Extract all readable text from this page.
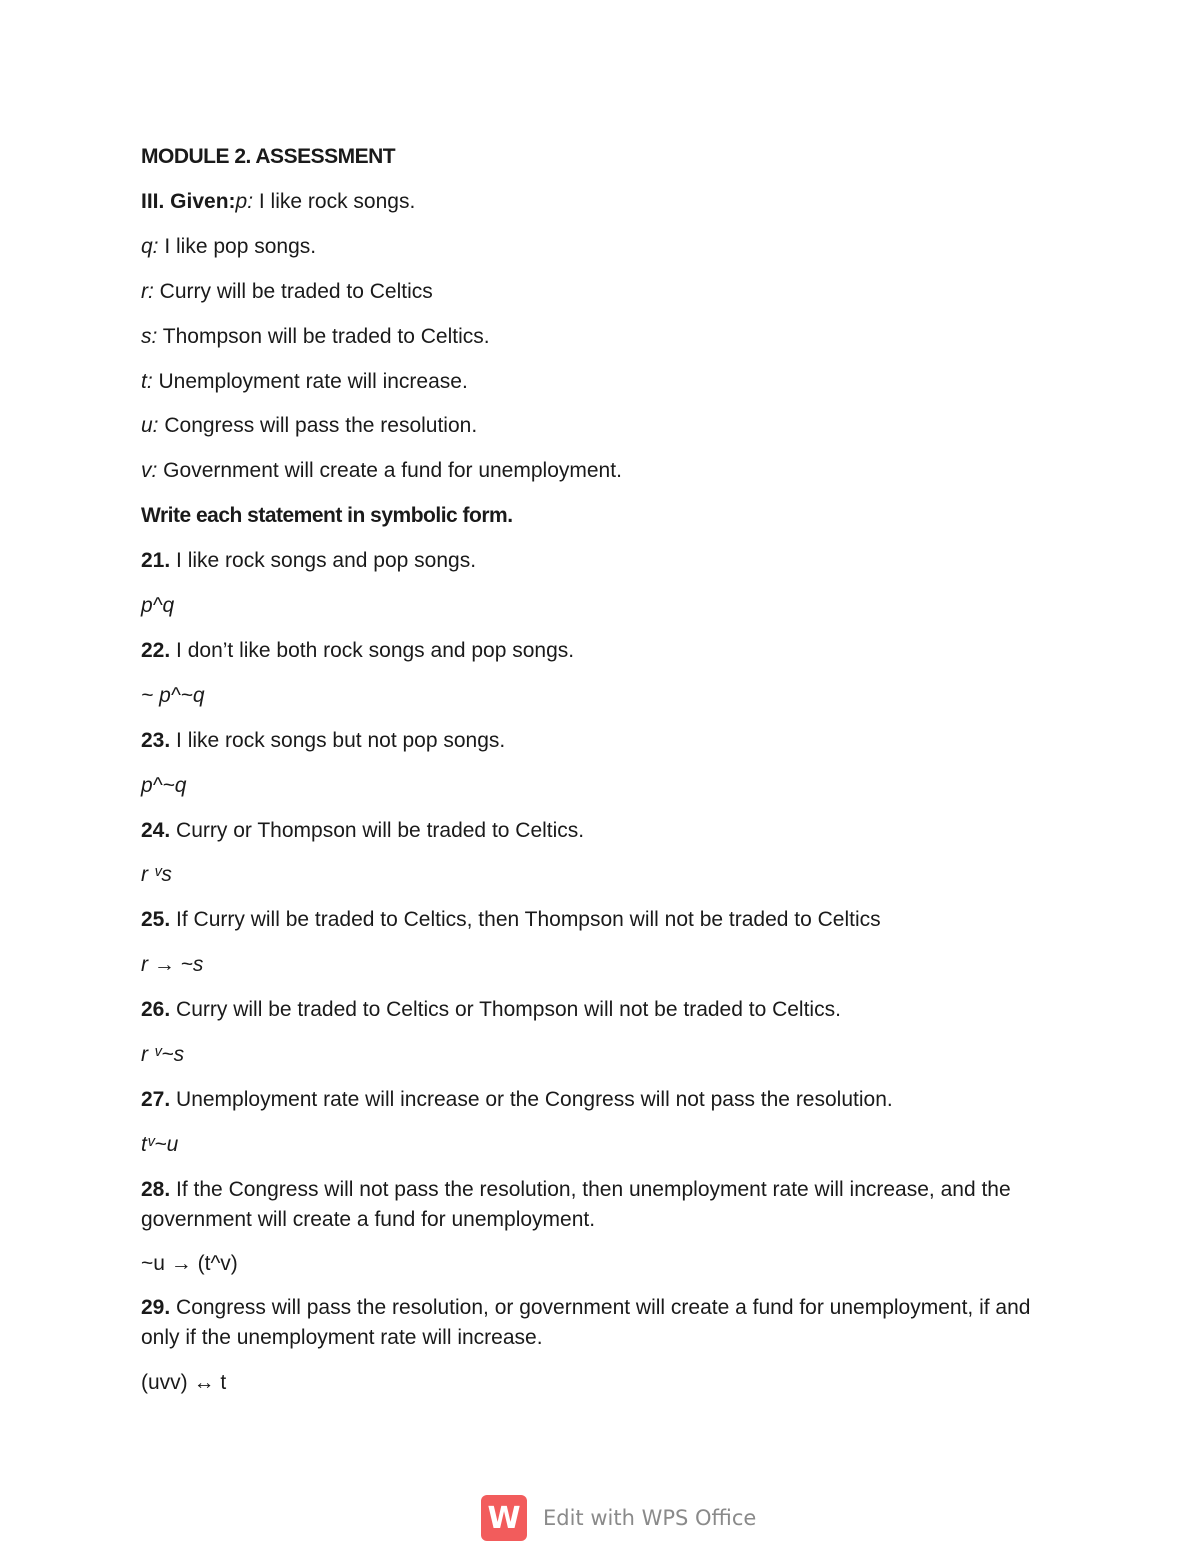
MODULE 2. ASSESSMENT
III. Given:p: I like rock songs.
q: I like pop songs.
r: Curry will be traded to Celtics
s: Thompson will be traded to Celtics.
t: Unemployment rate will increase.
u: Congress will pass the resolution.
v: Government will create a fund for unemployment.
Write each statement in symbolic form.
21. I like rock songs and pop songs.
p^q
22. I don’t like both rock songs and pop songs.
~ p^~q
23. I like rock songs but not pop songs.
p^~q
24. Curry or Thompson will be traded to Celtics.
r ᵛs
25. If Curry will be traded to Celtics, then Thompson will not be traded to Celtics
r → ~s
26. Curry will be traded to Celtics or Thompson will not be traded to Celtics.
r ᵛ~s
27. Unemployment rate will increase or the Congress will not pass the resolution.
tᵛ~u
28. If the Congress will not pass the resolution, then unemployment rate will increase, and the government will create a fund for unemployment.
~u → (t^v)
29. Congress will pass the resolution, or government will create a fund for unemployment, if and only if the unemployment rate will increase.
(uvv) ↔ t
W Edit with WPS Office
